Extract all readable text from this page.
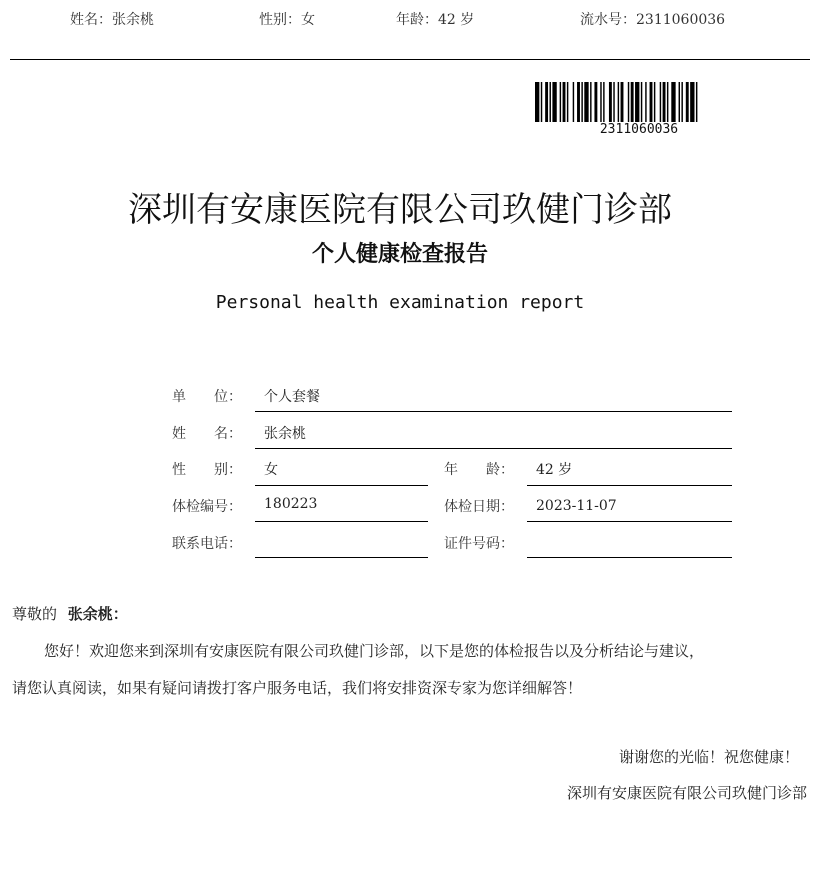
姓名：张余桃	性别：女	年龄：42 岁	流水号：2311060036
2311060036
深圳有安康医院有限公司玖健门诊部
个人健康检查报告
Personal health examination report
单　　位： 个人套餐
姓　　名： 张余桃
性　　别： 女	年　　龄： 42 岁
体检编号： 180223	体检日期： 2023-11-07
联系电话：	证件号码：
尊敬的 张余桃：
您好！欢迎您来到深圳有安康医院有限公司玖健门诊部，以下是您的体检报告以及分析结论与建议，
请您认真阅读，如果有疑问请拨打客户服务电话，我们将安排资深专家为您详细解答！
谢谢您的光临！祝您健康！
深圳有安康医院有限公司玖健门诊部
